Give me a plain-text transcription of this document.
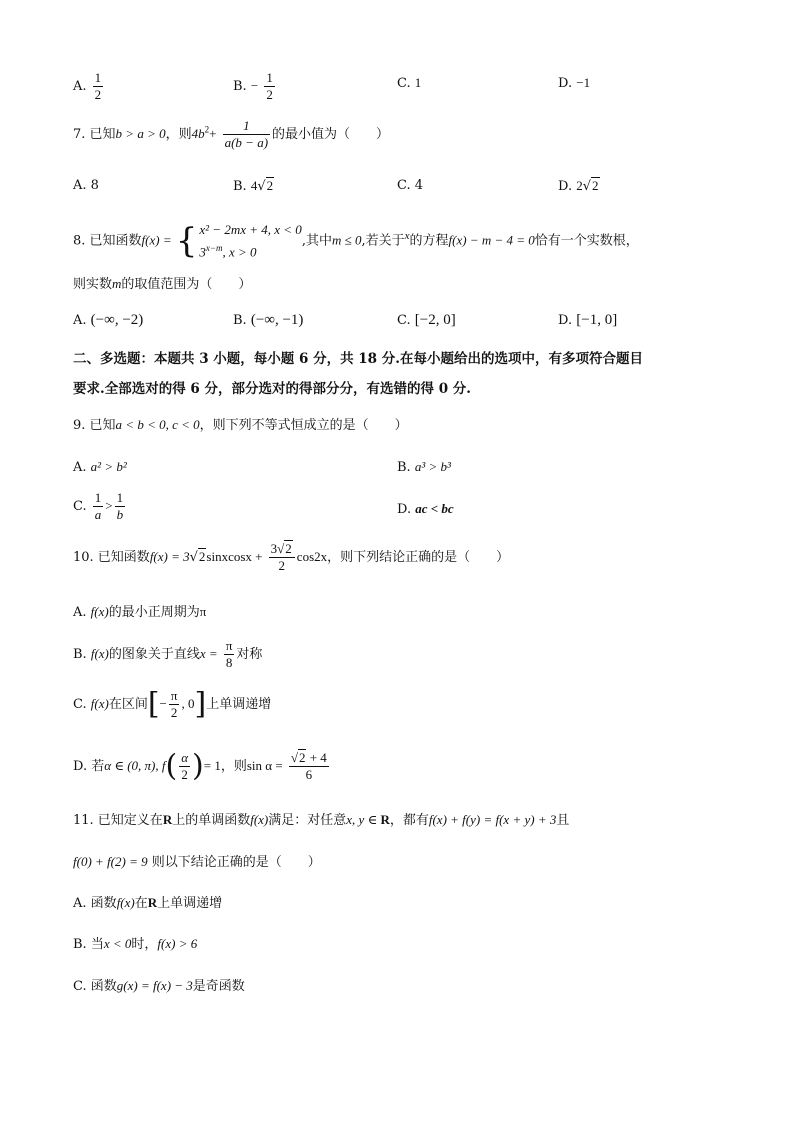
A. $\frac{1}{2}$	B. − $\frac{1}{2}$	C. 1	D. −1
7. 已知b > a > 0，则$4b^2+ \frac{1}{a(b - a)}$ 的最小值为（　　）
A. 8	B. 4√2	C. 4	D. 2√2
8. 已知函数f(x) = { x² − 2mx + 4, x < 0
$3^{x-m}$, x > 0
,其中m ≤ 0,若关于$^x$的方程f(x) − m − 4 = 0恰有一个实数根，
则实数m的取值范围为（　　）
A. (−∞, −2)	B. (−∞, −1)	C. [−2, 0]	D. [−1, 0]
二、多选题：本题共 3 小题，每小题 6 分，共 18 分.在每小题给出的选项中，有多项符合题目
要求.全部选对的得 6 分，部分选对的得部分分，有选错的得 0 分.
9. 已知a < b < 0, c < 0，则下列不等式恒成立的是（　　）
A. a² > b²	B. a³ > b³
C. $\frac{1}{a} > \frac{1}{b}$	D. ac < bc
10. 已知函数f(x) = 3√2sinxcosx + $\frac{3√2}{2} \cos 2x$，则下列结论正确的是（　　）
A. f(x)的最小正周期为π
B. f(x)的图象关于直线$x = \frac{\pi}{8}$ 对称
C. f(x)在区间[− $\frac{\pi}{2}$ , 0]上单调递增
D. 若α ∈ (0, π), $f( \frac{\alpha}{2}$ )= 1，则$\sin \alpha = \frac{√2 + 4}{6}$
11. 已知定义在R上的单调函数f(x)满足：对任意x, y ∈ R，都有f(x) + f(y) = f(x + y) + 3且
f(0) + f(2) = 9 则以下结论正确的是（　　）
A. 函数f(x)在R上单调递增
B. 当x < 0时，f(x) > 6
C. 函数g(x) = f(x) − 3是奇函数
